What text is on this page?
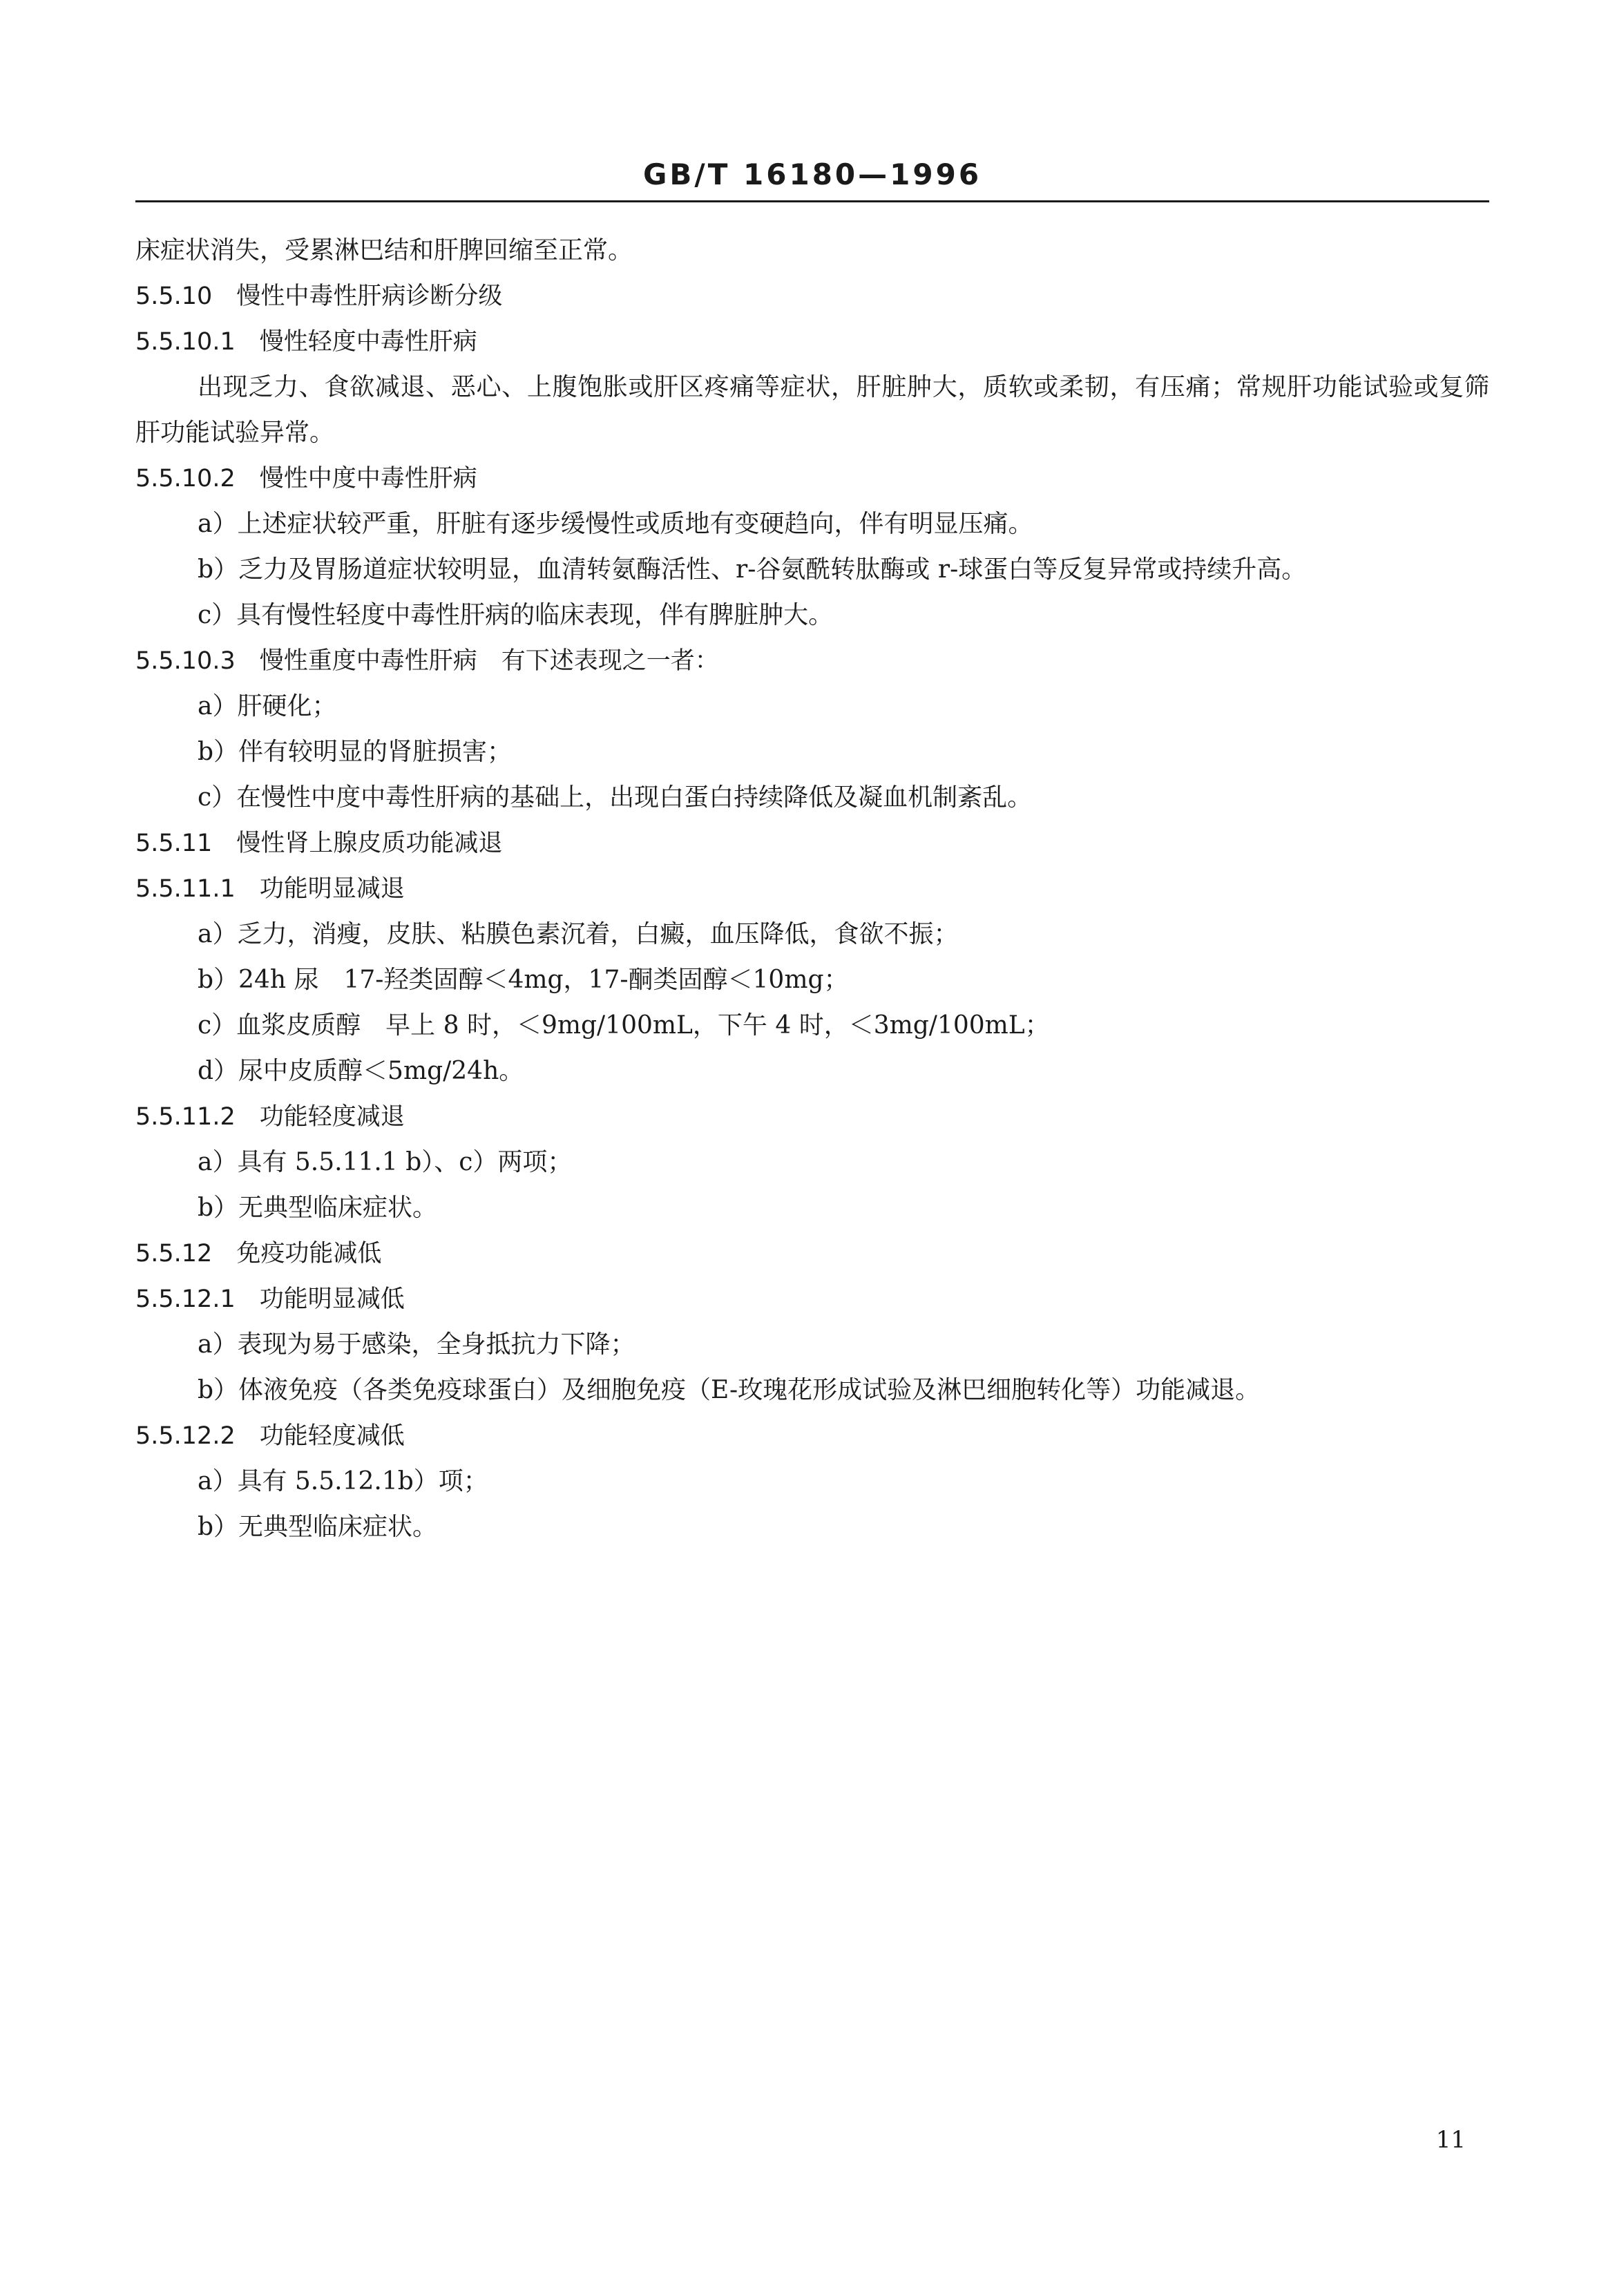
GB/T 16180—1996
床症状消失，受累淋巴结和肝脾回缩至正常。
5.5.10　慢性中毒性肝病诊断分级
5.5.10.1　慢性轻度中毒性肝病
出现乏力、食欲减退、恶心、上腹饱胀或肝区疼痛等症状，肝脏肿大，质软或柔韧，有压痛；常规肝功能试验或复筛肝功能试验异常。
5.5.10.2　慢性中度中毒性肝病
a）上述症状较严重，肝脏有逐步缓慢性或质地有变硬趋向，伴有明显压痛。
b）乏力及胃肠道症状较明显，血清转氨酶活性、r-谷氨酰转肽酶或 r-球蛋白等反复异常或持续升高。
c）具有慢性轻度中毒性肝病的临床表现，伴有脾脏肿大。
5.5.10.3　慢性重度中毒性肝病　有下述表现之一者：
a）肝硬化；
b）伴有较明显的肾脏损害；
c）在慢性中度中毒性肝病的基础上，出现白蛋白持续降低及凝血机制紊乱。
5.5.11　慢性肾上腺皮质功能减退
5.5.11.1　功能明显减退
a）乏力，消瘦，皮肤、粘膜色素沉着，白癜，血压降低，食欲不振；
b）24h 尿　17-羟类固醇＜4mg，17-酮类固醇＜10mg；
c）血浆皮质醇　早上 8 时，＜9mg/100mL，下午 4 时，＜3mg/100mL；
d）尿中皮质醇＜5mg/24h。
5.5.11.2　功能轻度减退
a）具有 5.5.11.1 b）、c）两项；
b）无典型临床症状。
5.5.12　免疫功能减低
5.5.12.1　功能明显减低
a）表现为易于感染，全身抵抗力下降；
b）体液免疫（各类免疫球蛋白）及细胞免疫（E-玫瑰花形成试验及淋巴细胞转化等）功能减退。
5.5.12.2　功能轻度减低
a）具有 5.5.12.1b）项；
b）无典型临床症状。
11
